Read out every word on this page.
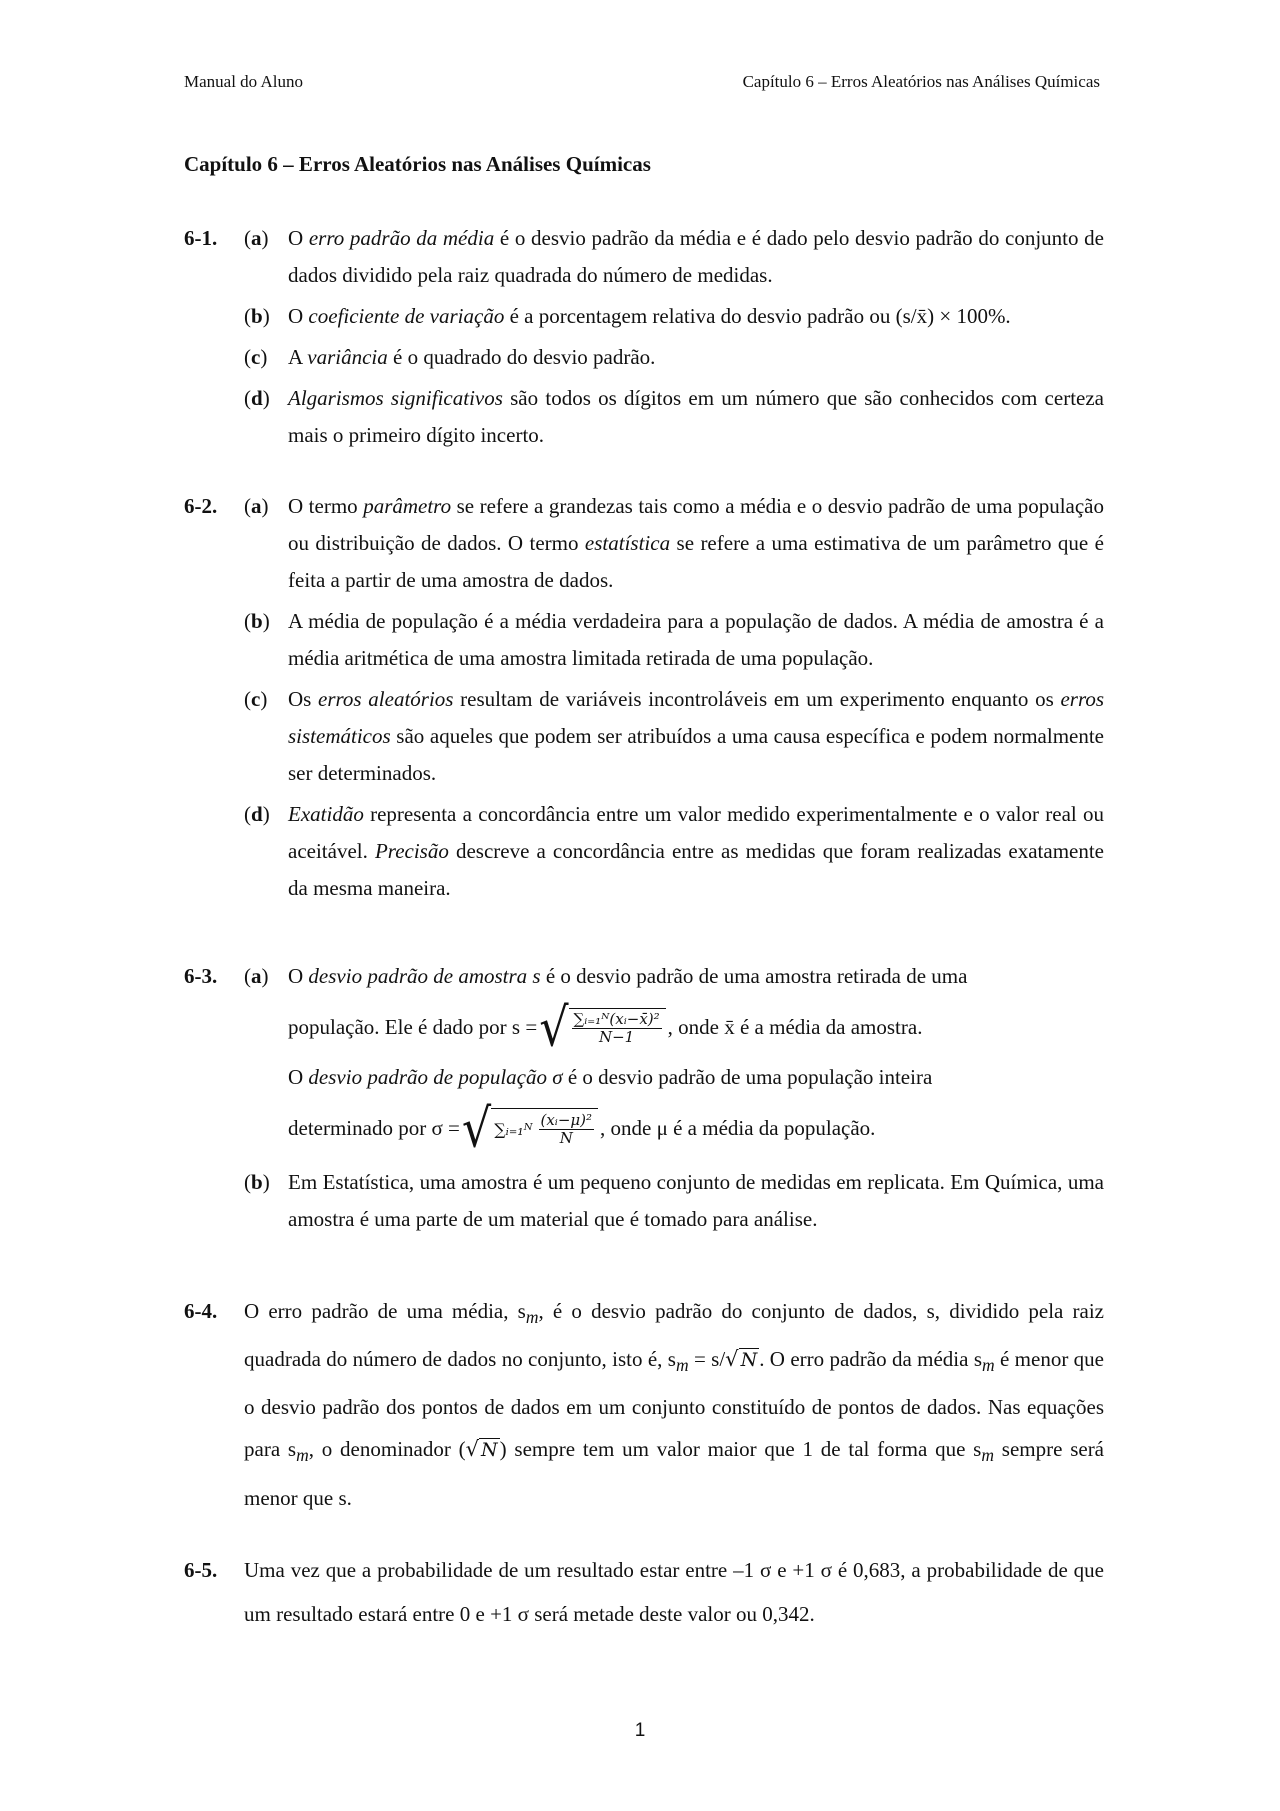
Manual do Aluno	Capítulo 6 – Erros Aleatórios nas Análises Químicas
Capítulo 6 – Erros Aleatórios nas Análises Químicas
6-1. (a) O erro padrão da média é o desvio padrão da média e é dado pelo desvio padrão do conjunto de dados dividido pela raiz quadrada do número de medidas.
(b) O coeficiente de variação é a porcentagem relativa do desvio padrão ou (s/x̄) × 100%.
(c) A variância é o quadrado do desvio padrão.
(d) Algarismos significativos são todos os dígitos em um número que são conhecidos com certeza mais o primeiro dígito incerto.
6-2. (a) O termo parâmetro se refere a grandezas tais como a média e o desvio padrão de uma população ou distribuição de dados. O termo estatística se refere a uma estimativa de um parâmetro que é feita a partir de uma amostra de dados.
(b) A média de população é a média verdadeira para a população de dados. A média de amostra é a média aritmética de uma amostra limitada retirada de uma população.
(c) Os erros aleatórios resultam de variáveis incontroláveis em um experimento enquanto os erros sistemáticos são aqueles que podem ser atribuídos a uma causa específica e podem normalmente ser determinados.
(d) Exatidão representa a concordância entre um valor medido experimentalmente e o valor real ou aceitável. Precisão descreve a concordância entre as medidas que foram realizadas exatamente da mesma maneira.
6-3. (a) O desvio padrão de amostra s é o desvio padrão de uma amostra retirada de uma
população. Ele é dado por s = √ $\frac{\text{∑ᵢ₌₁ᴺ(xᵢ−x̄)²}}{N-1}$ , onde x̄ é a média da amostra.
O desvio padrão de população σ é o desvio padrão de uma população inteira
determinado por σ = √ ∑ᵢ₌₁ᴺ $\frac{\text{(xᵢ−μ)²}}{N}$ , onde μ é a média da população.
(b) Em Estatística, uma amostra é um pequeno conjunto de medidas em replicata. Em Química, uma amostra é uma parte de um material que é tomado para análise.
6-4.	O erro padrão de uma média, $s_m$, é o desvio padrão do conjunto de dados, s, dividido pela raiz quadrada do número de dados no conjunto, isto é, $s_m = s/$ √ N . O erro padrão da média $s_m$ é menor que o desvio padrão dos pontos de dados em um conjunto constituído de pontos de dados. Nas equações para $s_m$, o denominador ( √ N ) sempre tem um valor maior que 1 de tal forma que $s_m$ sempre será menor que s.
6-5.	Uma vez que a probabilidade de um resultado estar entre –1 σ e +1 σ é 0,683, a probabilidade de que um resultado estará entre 0 e +1 σ será metade deste valor ou 0,342.
1
